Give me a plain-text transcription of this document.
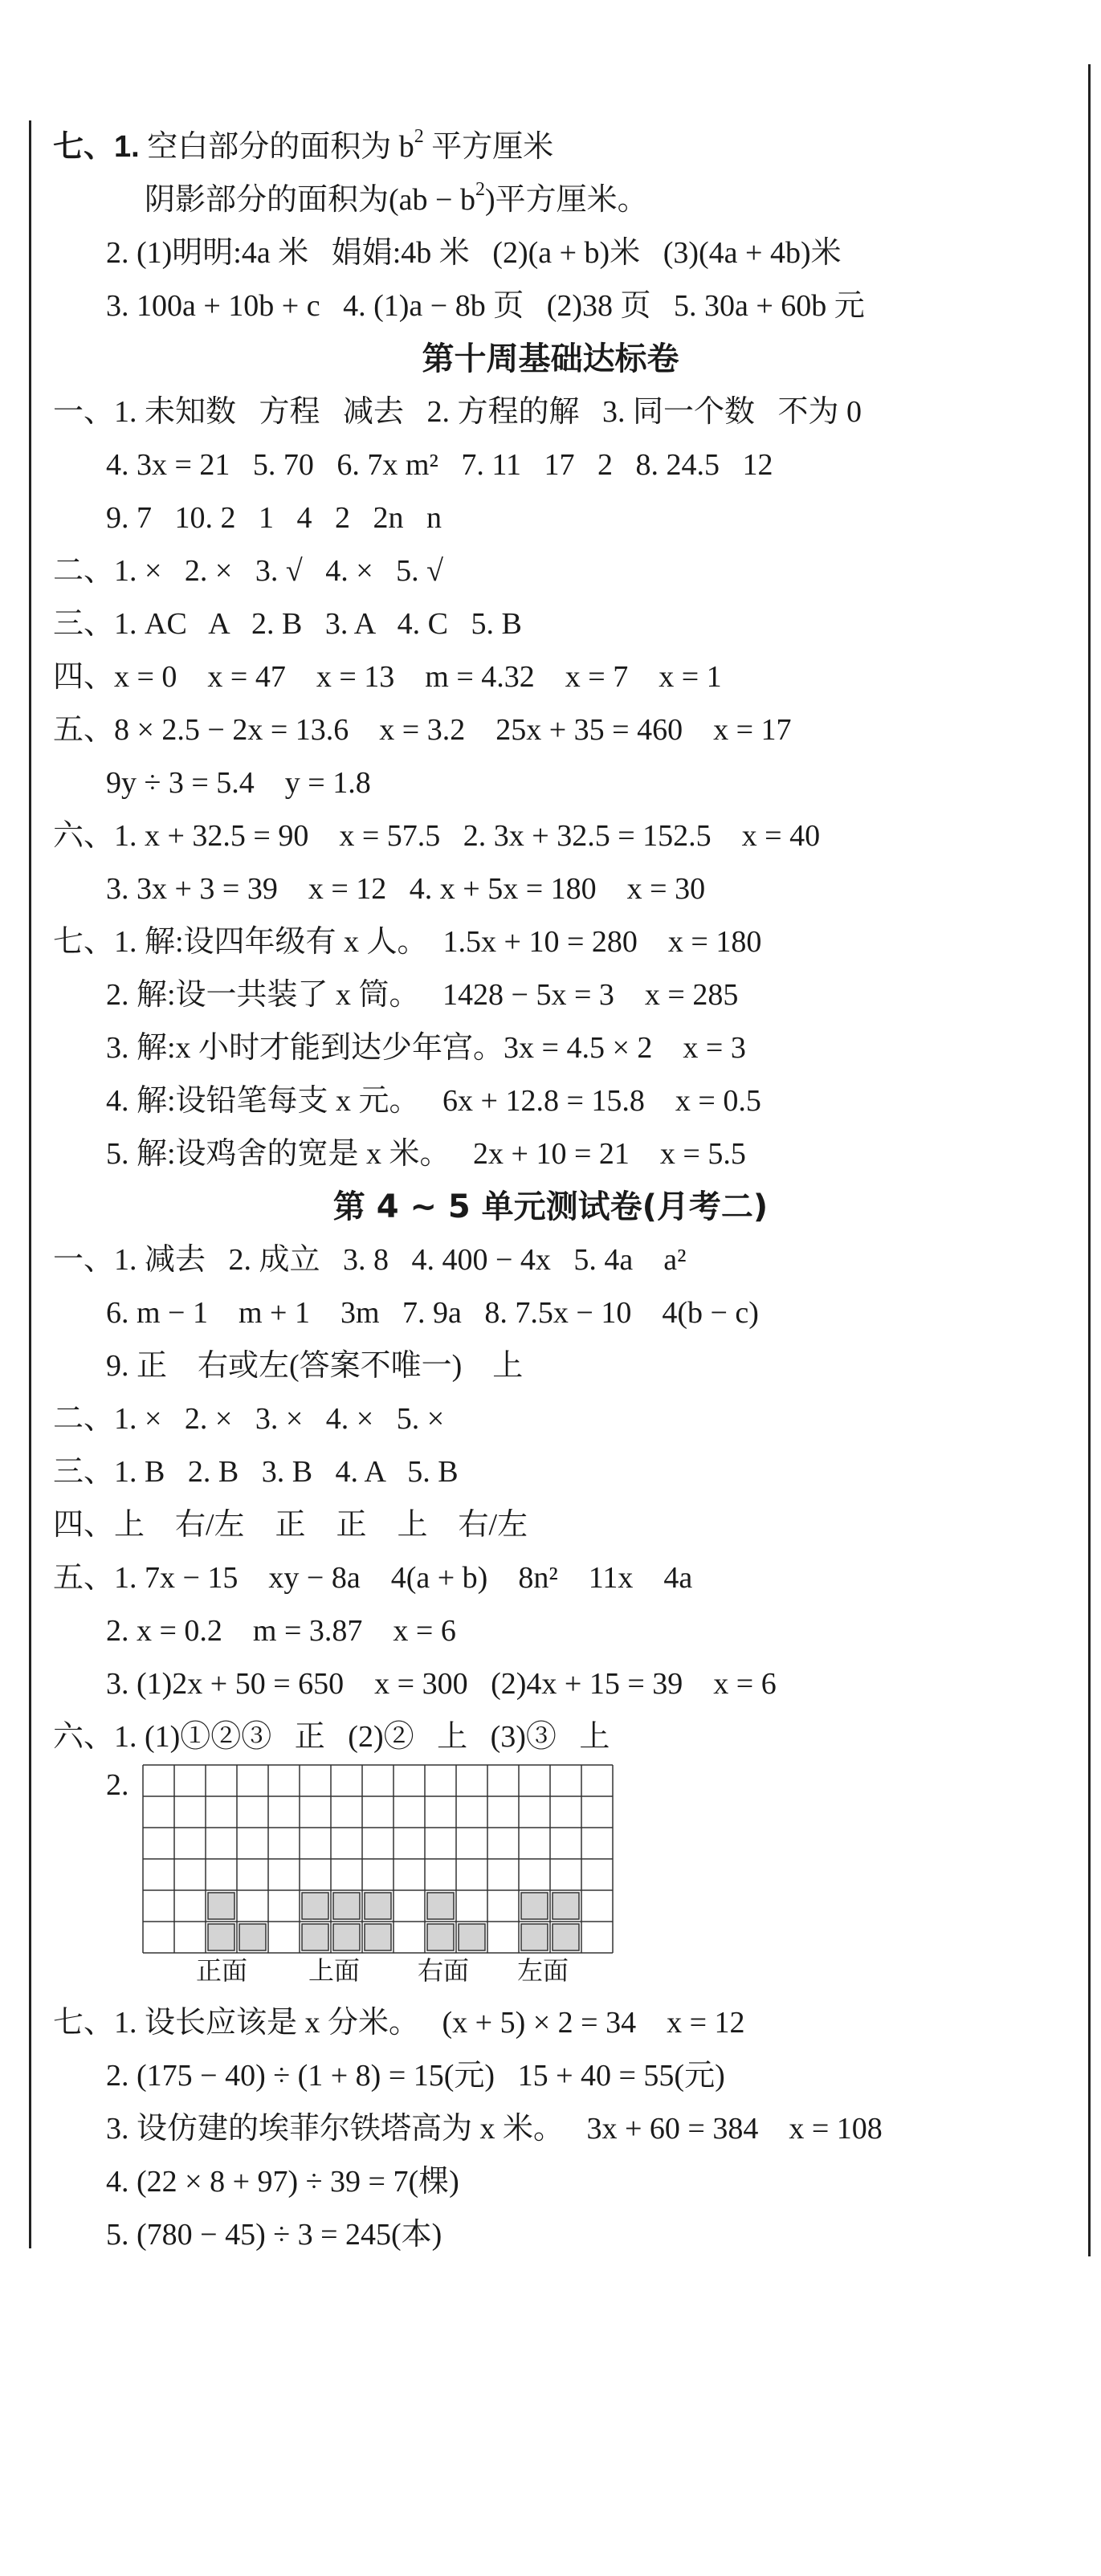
七、1. 空白部分的面积为 $b^2$ 平方厘米
阴影部分的面积为$(ab - b^2)$平方厘米。
2. (1)明明:4a 米   娟娟:4b 米   (2)(a + b)米   (3)(4a + 4b)米
3. 100a + 10b + c   4. (1)a − 8b 页   (2)38 页   5. 30a + 60b 元
第十周基础达标卷
一、1. 未知数   方程   减去   2. 方程的解   3. 同一个数   不为 0
4. 3x = 21   5. 70   6. 7x m²   7. 11   17   2   8. 24.5   12
9. 7   10. 2   1   4   2   2n   n
二、1. ×   2. ×   3. √   4. ×   5. √
三、1. AC   A   2. B   3. A   4. C   5. B
四、x = 0    x = 47    x = 13    m = 4.32    x = 7    x = 1
五、8 × 2.5 − 2x = 13.6    x = 3.2    25x + 35 = 460    x = 17
9y ÷ 3 = 5.4    y = 1.8
六、1. x + 32.5 = 90    x = 57.5   2. 3x + 32.5 = 152.5    x = 40
3. 3x + 3 = 39    x = 12   4. x + 5x = 180    x = 30
七、1. 解:设四年级有 x 人。  1.5x + 10 = 280    x = 180
2. 解:设一共装了 x 筒。   1428 − 5x = 3    x = 285
3. 解:x 小时才能到达少年宫。3x = 4.5 × 2    x = 3
4. 解:设铅笔每支 x 元。   6x + 12.8 = 15.8    x = 0.5
5. 解:设鸡舍的宽是 x 米。   2x + 10 = 21    x = 5.5
第 4 ~ 5 单元测试卷(月考二)
一、1. 减去   2. 成立   3. 8   4. 400 − 4x   5. 4a    a²
6. m − 1    m + 1    3m   7. 9a   8. 7.5x − 10    4(b − c)
9. 正    右或左(答案不唯一)    上
二、1. ×   2. ×   3. ×   4. ×   5. ×
三、1. B   2. B   3. B   4. A   5. B
四、上    右/左    正    正    上    右/左
五、1. 7x − 15    xy − 8a    4(a + b)    8n²    11x    4a
2. x = 0.2    m = 3.87    x = 6
3. (1)2x + 50 = 650    x = 300   (2)4x + 15 = 39    x = 6
六、1. (1)①②③   正   (2)②   上   (3)③   上
2.
正面 上面 右面 左面
七、1. 设长应该是 x 分米。   (x + 5) × 2 = 34    x = 12
2. (175 − 40) ÷ (1 + 8) = 15(元)   15 + 40 = 55(元)
3. 设仿建的埃菲尔铁塔高为 x 米。   3x + 60 = 384    x = 108
4. (22 × 8 + 97) ÷ 39 = 7(棵)
5. (780 − 45) ÷ 3 = 245(本)
